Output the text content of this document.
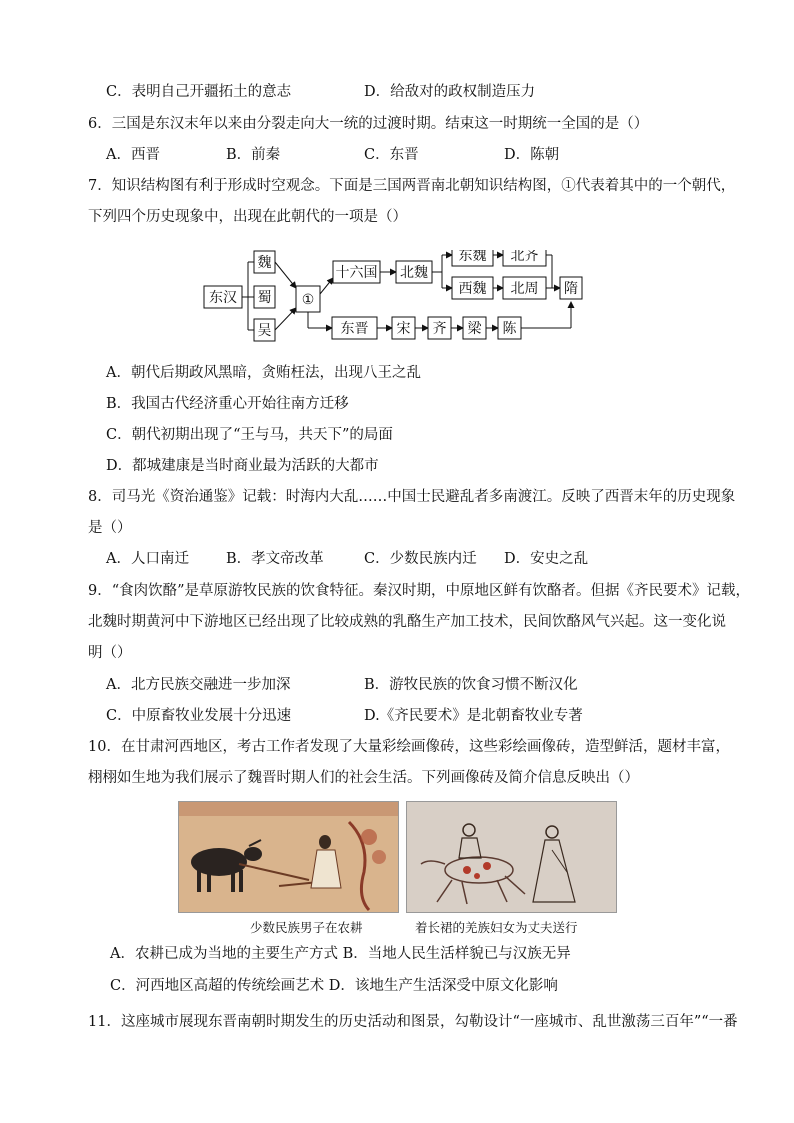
C．表明自己开疆拓土的意志	D．给敌对的政权制造压力
6．三国是东汉末年以来由分裂走向大一统的过渡时期。结束这一时期统一全国的是（）
A．西晋	B．前秦	C．东晋	D．陈朝
7．知识结构图有利于形成时空观念。下面是三国两晋南北朝知识结构图，①代表着其中的一个朝代，
下列四个历史现象中，出现在此朝代的一项是（）
东汉
魏
蜀
吴
①
十六国 北魏
东魏 北齐
西魏 北周 隋
东晋 宋 齐 梁 陈
A．朝代后期政风黑暗，贪贿枉法，出现八王之乱
B．我国古代经济重心开始往南方迁移
C．朝代初期出现了“王与马，共天下”的局面
D．都城建康是当时商业最为活跃的大都市
8．司马光《资治通鉴》记载：时海内大乱……中国士民避乱者多南渡江。反映了西晋末年的历史现象
是（）
A．人口南迁	B．孝文帝改革	C．少数民族内迁 D．安史之乱
9．“食肉饮酪”是草原游牧民族的饮食特征。秦汉时期，中原地区鲜有饮酪者。但据《齐民要术》记载，
北魏时期黄河中下游地区已经出现了比较成熟的乳酪生产加工技术，民间饮酪风气兴起。这一变化说
明（）
A．北方民族交融进一步加深	B．游牧民族的饮食习惯不断汉化
C．中原畜牧业发展十分迅速	D.《齐民要术》是北朝畜牧业专著
10．在甘肃河西地区，考古工作者发现了大量彩绘画像砖，这些彩绘画像砖，造型鲜活，题材丰富，
栩栩如生地为我们展示了魏晋时期人们的社会生活。下列画像砖及简介信息反映出（）
少数民族男子在农耕	着长裙的羌族妇女为丈夫送行
A．农耕已成为当地的主要生产方式 B．当地人民生活样貌已与汉族无异
C．河西地区高超的传统绘画艺术 D．该地生产生活深受中原文化影响
11．这座城市展现东晋南朝时期发生的历史活动和图景，勾勒设计“一座城市、乱世激荡三百年”“一番
